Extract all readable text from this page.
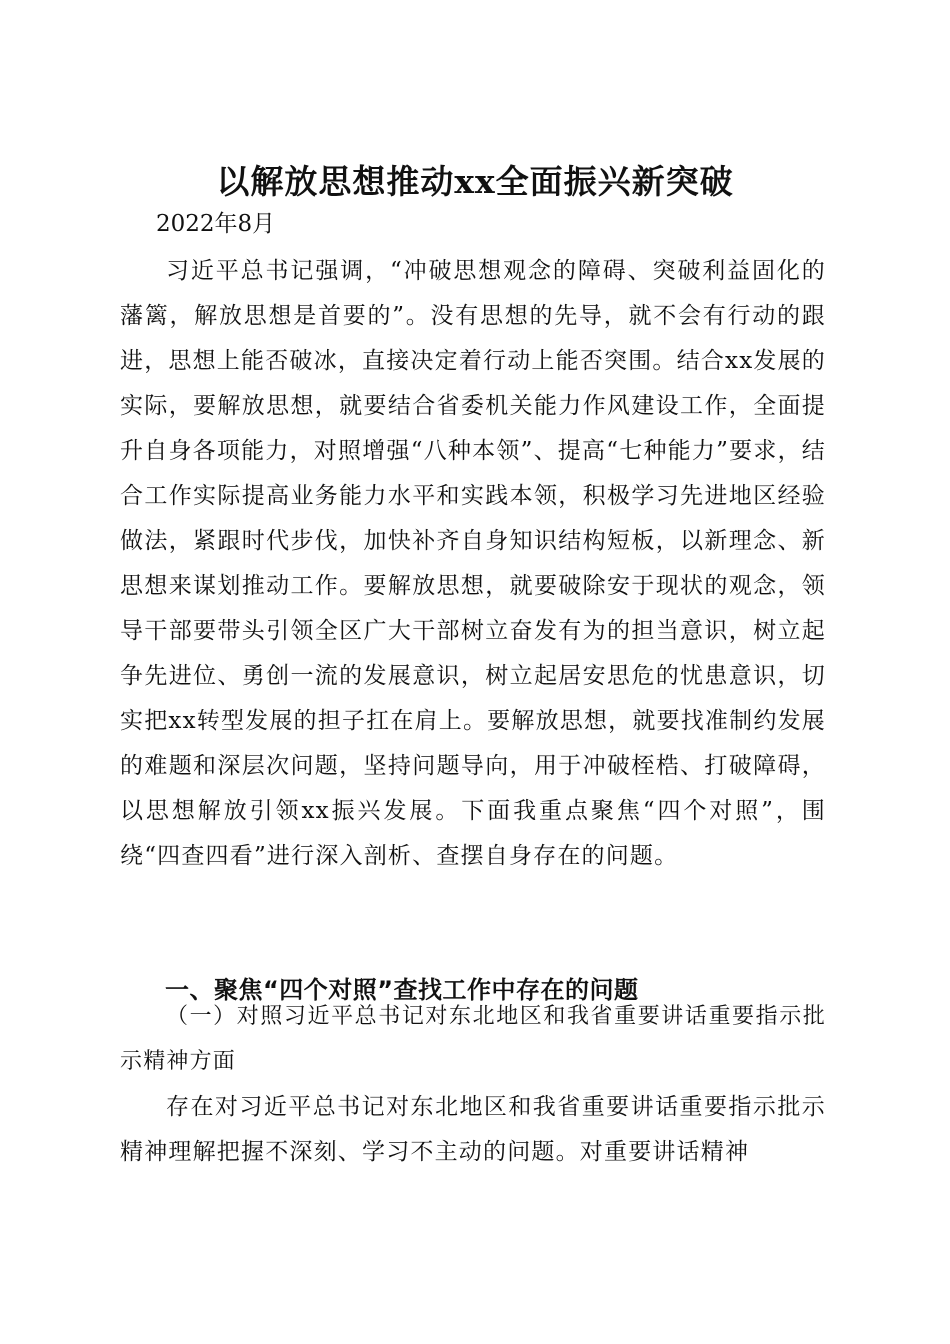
以解放思想推动xx全面振兴新突破

2022年8月

习近平总书记强调，“冲破思想观念的障碍、突破利益固化的藩篱，解放思想是首要的”。没有思想的先导，就不会有行动的跟进，思想上能否破冰，直接决定着行动上能否突围。结合xx发展的实际，要解放思想，就要结合省委机关能力作风建设工作，全面提升自身各项能力，对照增强“八种本领”、提高“七种能力”要求，结合工作实际提高业务能力水平和实践本领，积极学习先进地区经验做法，紧跟时代步伐，加快补齐自身知识结构短板，以新理念、新思想来谋划推动工作。要解放思想，就要破除安于现状的观念，领导干部要带头引领全区广大干部树立奋发有为的担当意识，树立起争先进位、勇创一流的发展意识，树立起居安思危的忧患意识，切实把xx转型发展的担子扛在肩上。要解放思想，就要找准制约发展的难题和深层次问题，坚持问题导向，用于冲破桎梏、打破障碍，以思想解放引领xx振兴发展。下面我重点聚焦“四个对照”，围绕“四查四看”进行深入剖析、查摆自身存在的问题。

一、聚焦“四个对照”查找工作中存在的问题

（一）对照习近平总书记对东北地区和我省重要讲话重要指示批示精神方面

存在对习近平总书记对东北地区和我省重要讲话重要指示批示精神理解把握不深刻、学习不主动的问题。对重要讲话精神
